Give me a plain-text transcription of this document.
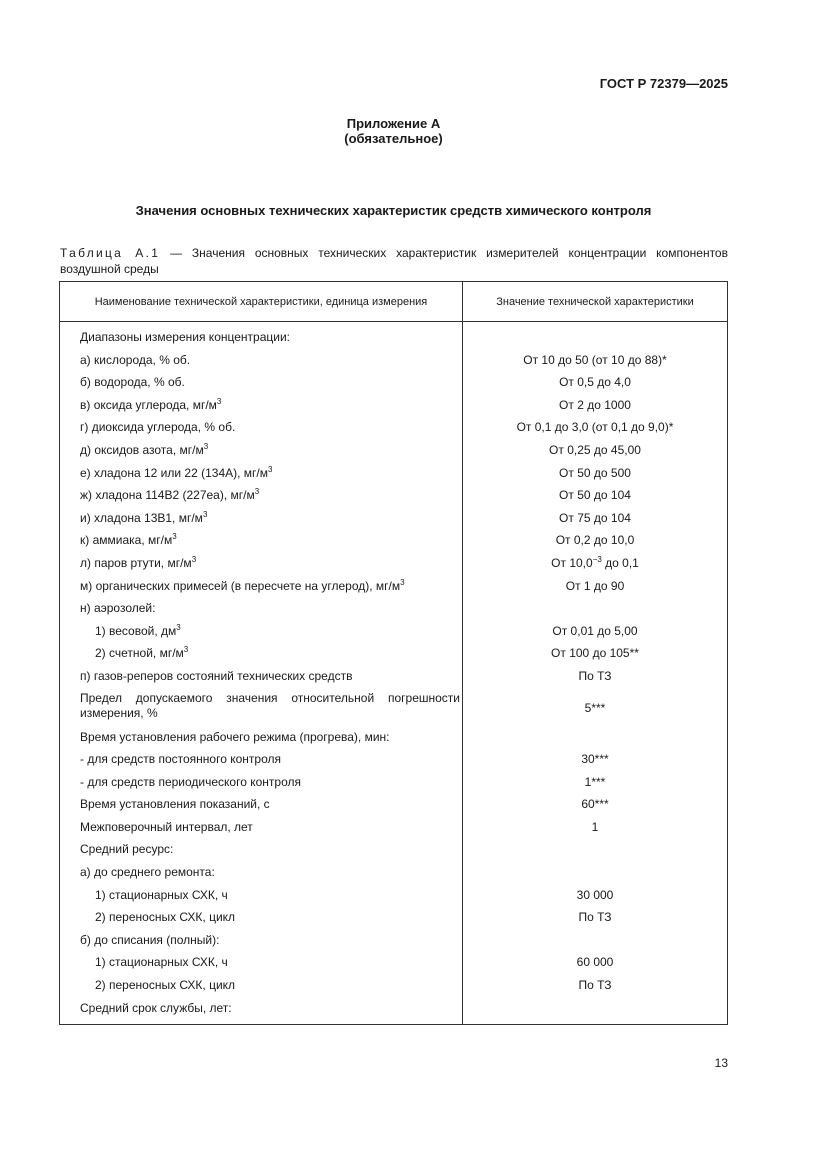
ГОСТ Р 72379—2025
Приложение А
(обязательное)
Значения основных технических характеристик средств химического контроля
Таблица А.1 — Значения основных технических характеристик измерителей концентрации компонентов воздушной среды
Наименование технической характеристики, единица измерения	Значение технической характеристики
Диапазоны измерения концентрации:
а) кислорода, % об.	От 10 до 50 (от 10 до 88)*
б) водорода, % об.	От 0,5 до 4,0
в) оксида углерода, $мг/м^3$	От 2 до 1000
г) диоксида углерода, % об.	От 0,1 до 3,0 (от 0,1 до 9,0)*
д) оксидов азота, $мг/м^3$	От 0,25 до 45,00
е) хладона 12 или 22 (134А), $мг/м^3$	От 50 до 500
ж) хладона 114В2 (227еа), $мг/м^3$	От 50 до 104
и) хладона 13В1, $мг/м^3$	От 75 до 104
к) аммиака, $мг/м^3$	От 0,2 до 10,0
л) паров ртути, $мг/м^3$	От $10,0^{-3}$ до 0,1
м) органических примесей (в пересчете на углерод), $мг/м^3$	От 1 до 90
н) аэрозолей:
1) весовой, $дм^3$	От 0,01 до 5,00
2) счетной, $мг/м^3$	От 100 до 105**
п) газов-реперов состояний технических средств	По ТЗ
Предел допускаемого значения относительной погрешности измерения, %	5***
Время установления рабочего режима (прогрева), мин:
- для средств постоянного контроля	30***
- для средств периодического контроля	1***
Время установления показаний, с	60***
Межповерочный интервал, лет	1
Средний ресурс:
а) до среднего ремонта:
1) стационарных СХК, ч	30 000
2) переносных СХК, цикл	По ТЗ
б) до списания (полный):
1) стационарных СХК, ч	60 000
2) переносных СХК, цикл	По ТЗ
Средний срок службы, лет:
13
